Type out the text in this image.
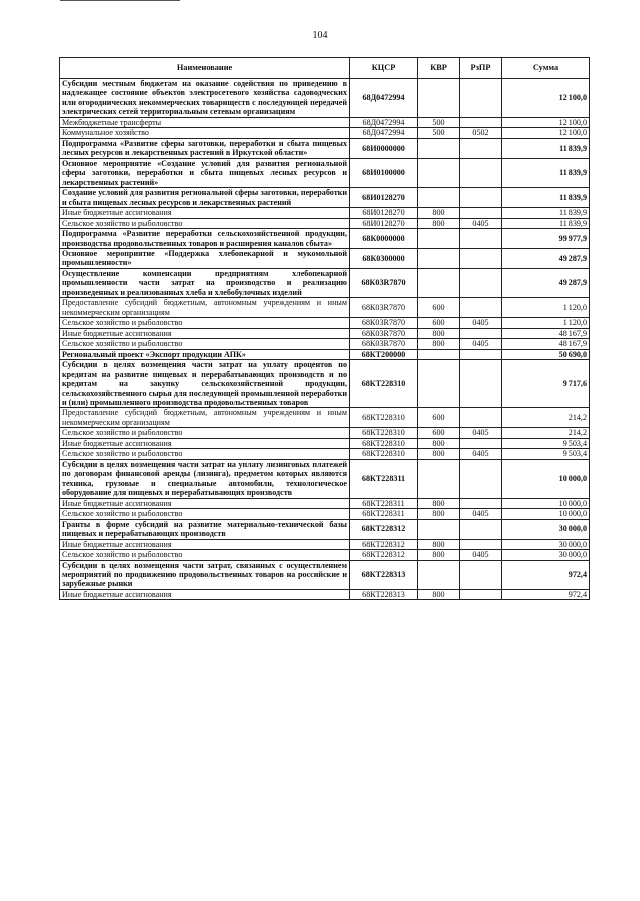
104
Наименование	КЦСР	КВР	РзПР	Сумма
Субсидии местным бюджетам на оказание содействия по приведению в надлежащее состояние объектов электросетевого хозяйства садоводческих или огороднических некоммерческих товариществ с последующей передачей электрических сетей территориальным сетевым организациям	68Д0472994			12 100,0
Межбюджетные трансферты	68Д0472994	500		12 100,0
Коммунальное хозяйство	68Д0472994	500	0502	12 100,0
Подпрограмма «Развитие сферы заготовки, переработки и сбыта пищевых лесных ресурсов и лекарственных растений в Иркутской области»	68И0000000			11 839,9
Основное мероприятие «Создание условий для развития региональной сферы заготовки, переработки и сбыта пищевых лесных ресурсов и лекарственных растений»	68И0100000			11 839,9
Создание условий для развития региональной сферы заготовки, переработки и сбыта пищевых лесных ресурсов и лекарственных растений	68И0128270			11 839,9
Иные бюджетные ассигнования	68И0128270	800		11 839,9
Сельское хозяйство и рыболовство	68И0128270	800	0405	11 839,9
Подпрограмма «Развитие переработки сельскохозяйственной продукции, производства продовольственных товаров и расширения каналов сбыта»	68К0000000			99 977,9
Основное мероприятие «Поддержка хлебопекарной и мукомольной промышленности»	68К0300000			49 287,9
Осуществление компенсации предприятиям хлебопекарной промышленности части затрат на производство и реализацию произведенных и реализованных хлеба и хлебобулочных изделий	68К03R7870			49 287,9
Предоставление субсидий бюджетным, автономным учреждениям и иным некоммерческим организациям	68К03R7870	600		1 120,0
Сельское хозяйство и рыболовство	68К03R7870	600	0405	1 120,0
Иные бюджетные ассигнования	68К03R7870	800		48 167,9
Сельское хозяйство и рыболовство	68К03R7870	800	0405	48 167,9
Региональный проект «Экспорт продукции АПК»	68КТ200000			50 690,0
Субсидии в целях возмещения части затрат на уплату процентов по кредитам на развитие пищевых и перерабатывающих производств и по кредитам на закупку сельскохозяйственной продукции, сельскохозяйственного сырья для последующей промышленной переработки и (или) промышленного производства продовольственных товаров	68КТ228310			9 717,6
Предоставление субсидий бюджетным, автономным учреждениям и иным некоммерческим организациям	68КТ228310	600		214,2
Сельское хозяйство и рыболовство	68КТ228310	600	0405	214,2
Иные бюджетные ассигнования	68КТ228310	800		9 503,4
Сельское хозяйство и рыболовство	68КТ228310	800	0405	9 503,4
Субсидии в целях возмещения части затрат на уплату лизинговых платежей по договорам финансовой аренды (лизинга), предметом которых являются техника, грузовые и специальные автомобили, технологическое оборудование для пищевых и перерабатывающих производств	68КТ228311			10 000,0
Иные бюджетные ассигнования	68КТ228311	800		10 000,0
Сельское хозяйство и рыболовство	68КТ228311	800	0405	10 000,0
Гранты в форме субсидий на развитие материально-технической базы пищевых и перерабатывающих производств	68КТ228312			30 000,0
Иные бюджетные ассигнования	68КТ228312	800		30 000,0
Сельское хозяйство и рыболовство	68КТ228312	800	0405	30 000,0
Субсидии в целях возмещения части затрат, связанных с осуществлением мероприятий по продвижению продовольственных товаров на российские и зарубежные рынки	68КТ228313			972,4
Иные бюджетные ассигнования	68КТ228313	800		972,4
